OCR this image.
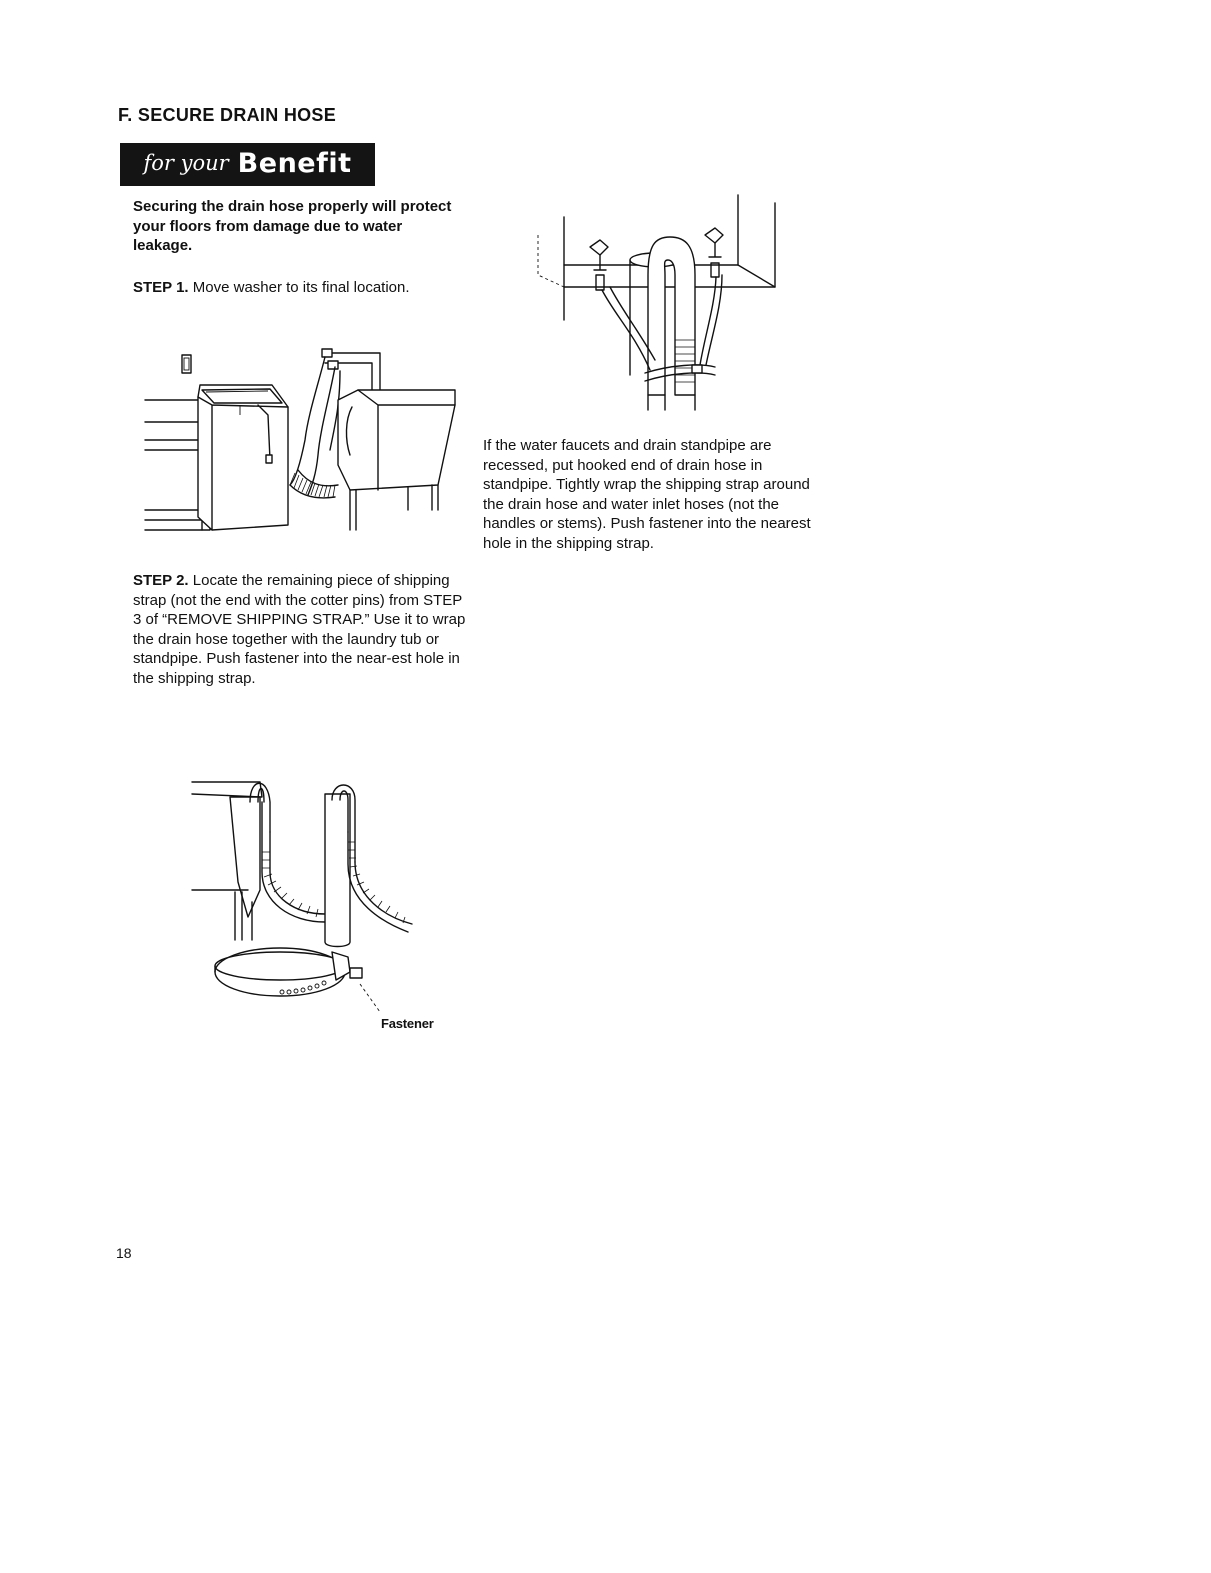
F. SECURE DRAIN HOSE
for your Benefit
Securing the drain hose properly will protect your floors from damage due to water leakage.
STEP 1. Move washer to its final location.
STEP 2. Locate the remaining piece of shipping strap (not the end with the cotter pins) from STEP 3 of “REMOVE SHIPPING STRAP.” Use it to wrap the drain hose together with the laundry tub or standpipe. Push fastener into the near-est hole in the shipping strap.
If the water faucets and drain standpipe are recessed, put hooked end of drain hose in standpipe. Tightly wrap the shipping strap around the drain hose and water inlet hoses (not the handles or stems). Push fastener into the nearest hole in the shipping strap.
Fastener
18
